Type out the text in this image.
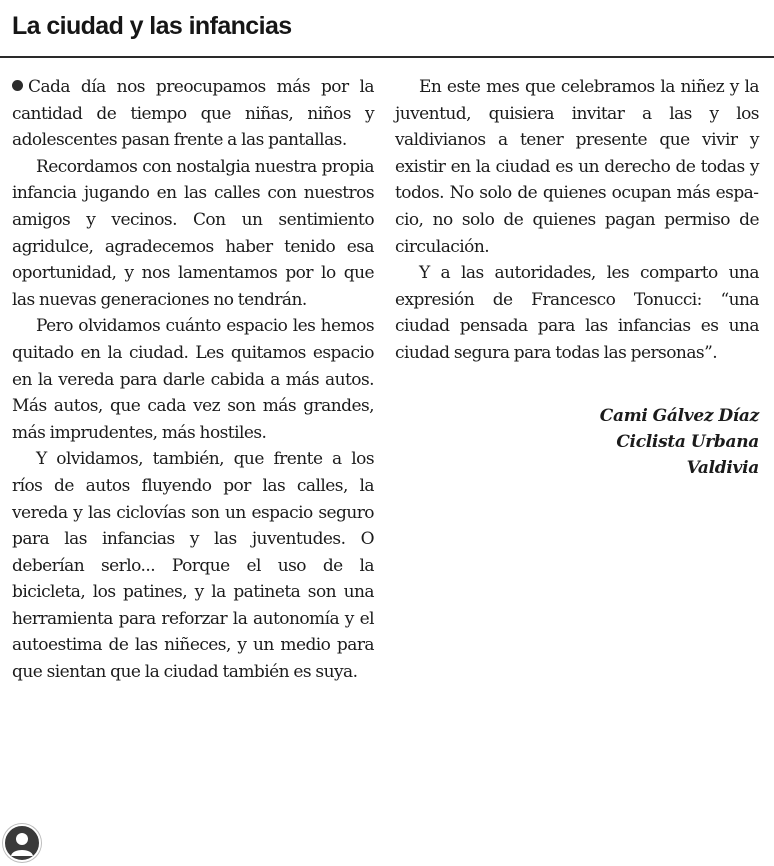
La ciudad y las infancias

Cada día nos preocupamos más por la cantidad de tiempo que niñas, niños y adolescentes pasan frente a las pantallas.

Recordamos con nostalgia nuestra propia infancia jugando en las calles con nuestros amigos y vecinos. Con un sentimiento agridulce, agradecemos haber tenido esa oportunidad, y nos lamentamos por lo que las nuevas generaciones no tendrán.

Pero olvidamos cuánto espacio les hemos quitado en la ciudad. Les quitamos espacio en la vereda para darle cabida a más autos. Más autos, que cada vez son más grandes, más imprudentes, más hostiles.

Y olvidamos, también, que frente a los ríos de autos fluyendo por las calles, la vereda y las ciclovías son un espacio seguro para las infancias y las juventudes. O deberían serlo... Porque el uso de la bicicleta, los patines, y la patineta son una herramienta para reforzar la autonomía y el autoestima de las niñeces, y un medio para que sientan que la ciudad también es suya.

En este mes que celebramos la niñez y la juventud, quisiera invitar a las y los valdivianos a tener presente que vivir y existir en la ciudad es un derecho de todas y todos. No solo de quienes ocupan más espacio, no solo de quienes pagan permiso de circulación.

Y a las autoridades, les comparto una expresión de Francesco Tonucci: “una ciudad pensada para las infancias es una ciudad segura para todas las personas”.

Cami Gálvez Díaz
Ciclista Urbana
Valdivia
